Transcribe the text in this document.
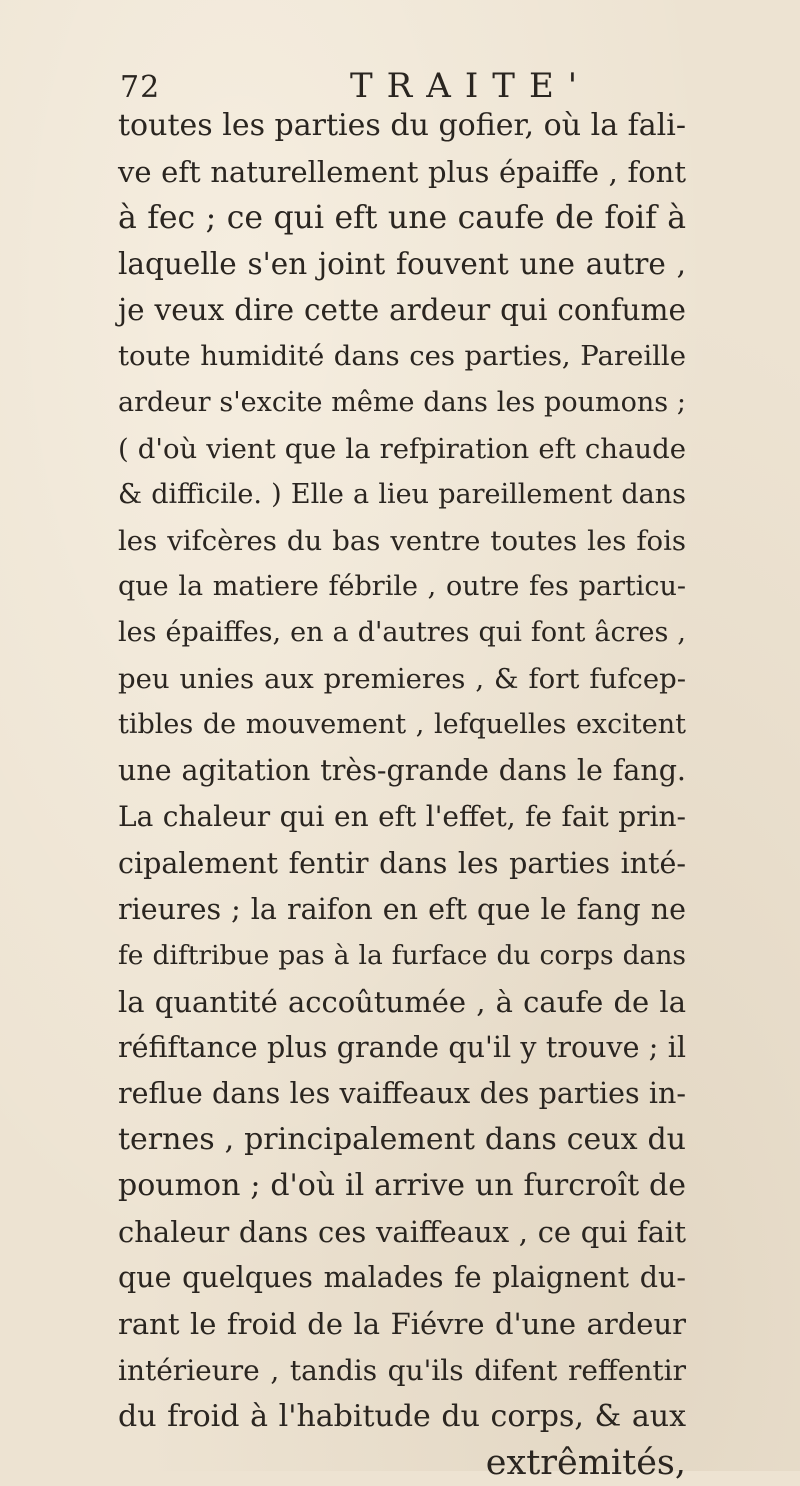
72	TRAITE'
toutes les parties du gofier, où la fali-
ve eft naturellement plus épaiffe , font
à fec ; ce qui eft une caufe de foif à
laquelle s'en joint fouvent une autre ,
je veux dire cette ardeur qui confume
toute humidité dans ces parties, Pareille
ardeur s'excite même dans les poumons ;
( d'où vient que la refpiration eft chaude
& difficile. ) Elle a lieu pareillement dans
les vifcères du bas ventre toutes les fois
que la matiere fébrile , outre fes particu-
les épaiffes, en a d'autres qui font âcres ,
peu unies aux premieres , & fort fufcep-
tibles de mouvement , lefquelles excitent
une agitation très-grande dans le fang.
La chaleur qui en eft l'effet, fe fait prin-
cipalement fentir dans les parties inté-
rieures ; la raifon en eft que le fang ne
fe diftribue pas à la furface du corps dans
la quantité accoûtumée , à caufe de la
réfiftance plus grande qu'il y trouve ; il
reflue dans les vaiffeaux des parties in-
ternes , principalement dans ceux du
poumon ; d'où il arrive un furcroît de
chaleur dans ces vaiffeaux , ce qui fait
que quelques malades fe plaignent du-
rant le froid de la Fiévre d'une ardeur
intérieure , tandis qu'ils difent reffentir
du froid à l'habitude du corps, & aux
extrêmités,
